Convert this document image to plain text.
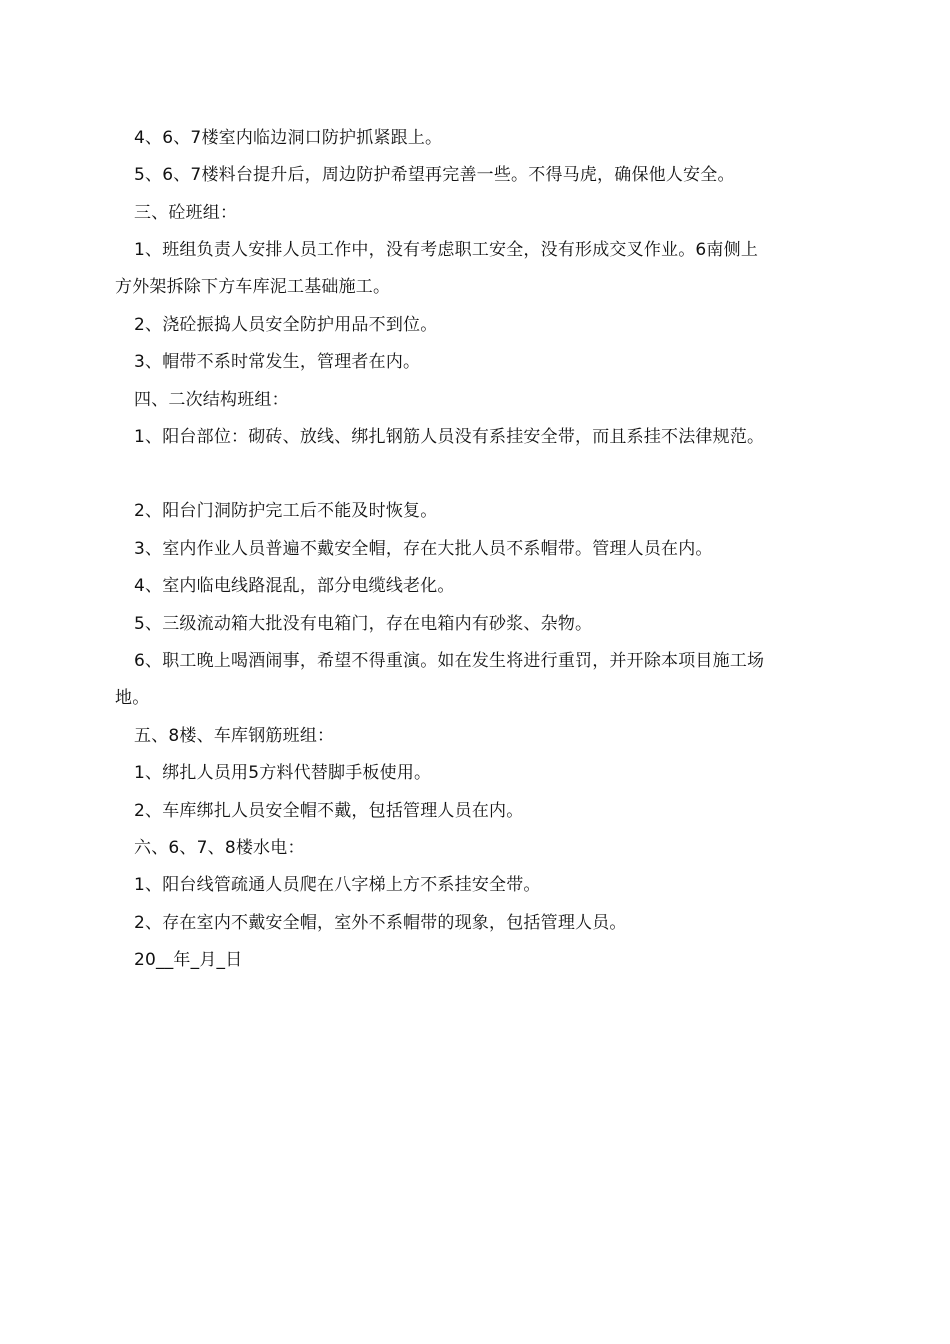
4、6、7楼室内临边洞口防护抓紧跟上。
5、6、7楼料台提升后，周边防护希望再完善一些。不得马虎，确保他人安全。
三、砼班组：
1、班组负责人安排人员工作中，没有考虑职工安全，没有形成交叉作业。6南侧上
方外架拆除下方车库泥工基础施工。
2、浇砼振捣人员安全防护用品不到位。
3、帽带不系时常发生，管理者在内。
四、二次结构班组：
1、阳台部位：砌砖、放线、绑扎钢筋人员没有系挂安全带，而且系挂不法律规范。
2、阳台门洞防护完工后不能及时恢复。
3、室内作业人员普遍不戴安全帽，存在大批人员不系帽带。管理人员在内。
4、室内临电线路混乱，部分电缆线老化。
5、三级流动箱大批没有电箱门，存在电箱内有砂浆、杂物。
6、职工晚上喝酒闹事，希望不得重演。如在发生将进行重罚，并开除本项目施工场
地。
五、8楼、车库钢筋班组：
1、绑扎人员用5方料代替脚手板使用。
2、车库绑扎人员安全帽不戴，包括管理人员在内。
六、6、7、8楼水电：
1、阳台线管疏通人员爬在八字梯上方不系挂安全带。
2、存在室内不戴安全帽，室外不系帽带的现象，包括管理人员。
20__年_月_日
